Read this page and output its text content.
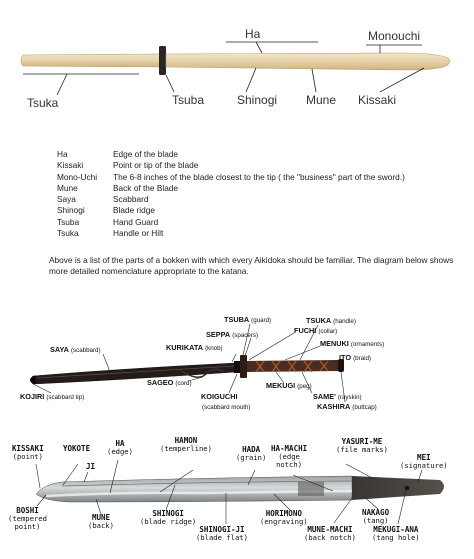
Ha	Monouchi
Tsuka	Tsuba	Shinogi Mune Kissaki
Ha	Edge of the blade
Kissaki	Point or tip of the blade
Mono-Uchi	The 6-8 inches of the blade closest to the tip ( the "business" part of the sword.)
Mune	Back of the Blade
Saya	Scabbard
Shinogi	Blade ridge
Tsuba	Hand Guard
Tsuka	Handle or Hilt
Above is a list of the parts of a bokken with which every Aikidoka should be familiar. The diagram below shows more detailed nomenclature appropriate to the katana.
TSUBA (guard)	TSUKA (handle)
FUCHI (collar)
SEPPA (spacers)
MENUKI (ornaments)
KURIKATA (knob)
SAYA (scabbard)
ITO (braid)
SAGEO (cord)	MEKUGI (peg)
KOIGUCHI
(scabbard mouth)
SAME' (rayskin)
KOJIRI (scabbard tip)
KASHIRA (buttcap)
KISSAKI
(point)
YOKOTE
HA
(edge)
HAMON
(temperline)	HADA
(grain)
HA-MACHI
(edge
notch)
YASURI-ME
(file marks)
JI
MEI
(signature)
BOSHI
(tempered
point)
MUNE
(back)
SHINOGI
(blade ridge)
HORIMONO
(engraving)
NAKAGO
(tang)
SHINOGI-JI
(blade flat)
MUNE-MACHI
(back notch)
MEKUGI-ANA
(tang hole)
